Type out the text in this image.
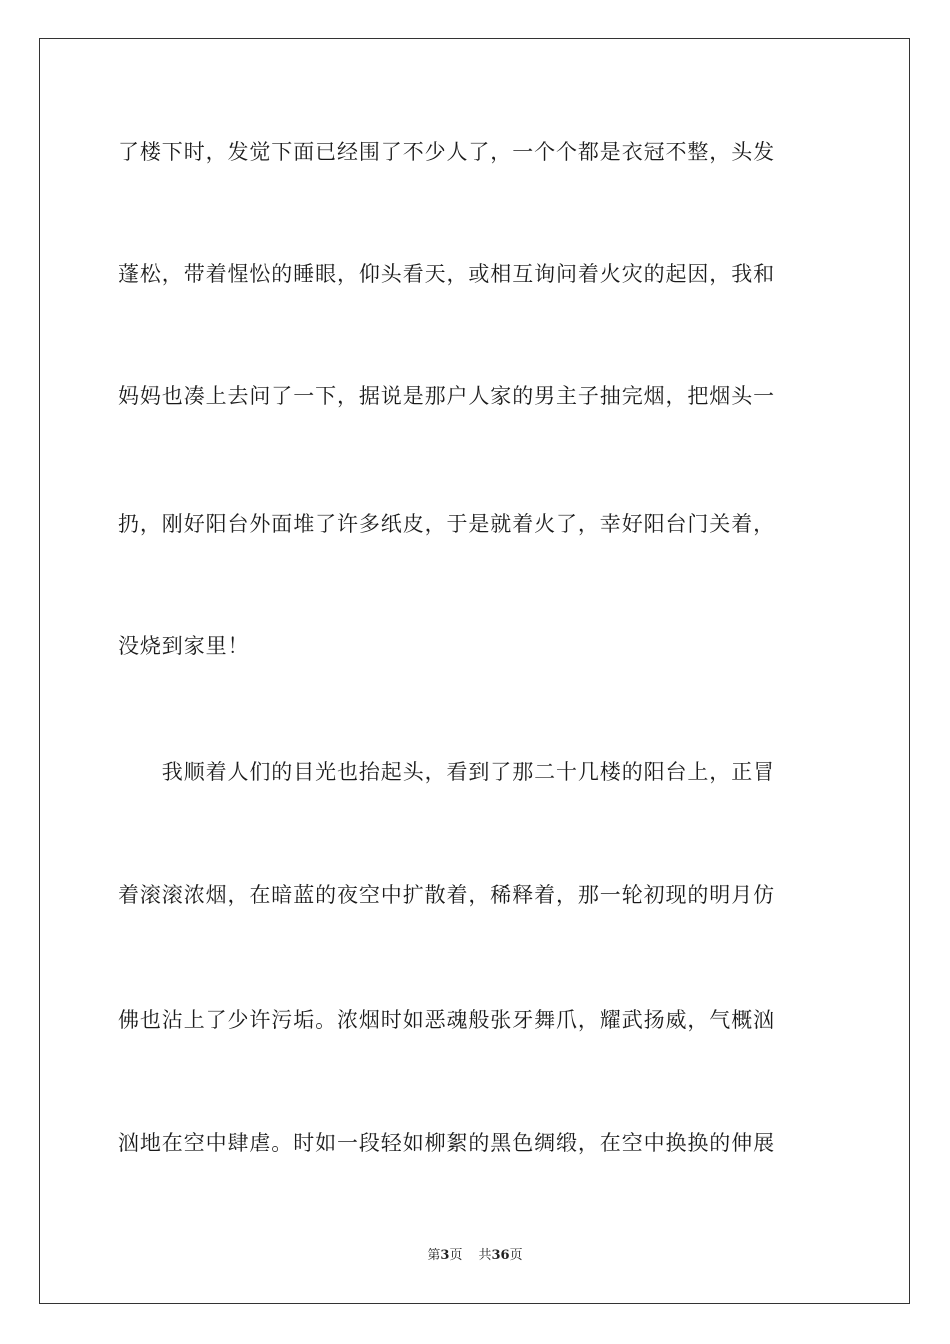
了楼下时，发觉下面已经围了不少人了，一个个都是衣冠不整，头发
蓬松，带着惺忪的睡眼，仰头看天，或相互询问着火灾的起因，我和
妈妈也凑上去问了一下，据说是那户人家的男主子抽完烟，把烟头一
扔，刚好阳台外面堆了许多纸皮，于是就着火了，幸好阳台门关着，
没烧到家里！
　　我顺着人们的目光也抬起头，看到了那二十几楼的阳台上，正冒
着滚滚浓烟，在暗蓝的夜空中扩散着，稀释着，那一轮初现的明月仿
佛也沾上了少许污垢。浓烟时如恶魂般张牙舞爪，耀武扬威，气概汹
汹地在空中肆虐。时如一段轻如柳絮的黑色绸缎，在空中换换的伸展
第3页 共36页
